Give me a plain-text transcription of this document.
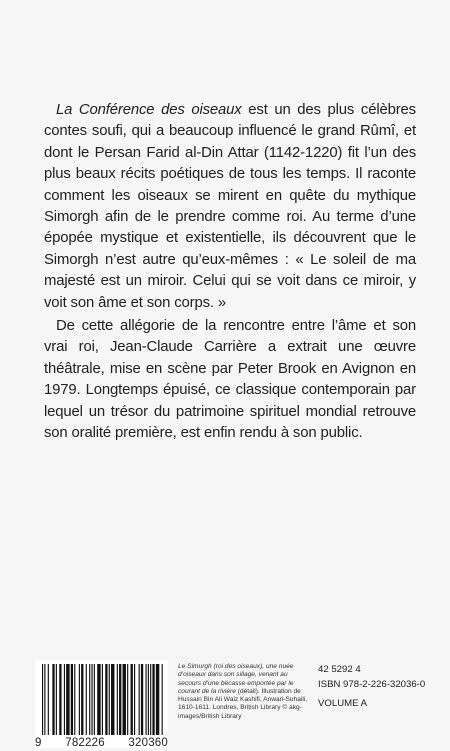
La Conférence des oiseaux est un des plus célèbres contes soufi, qui a beaucoup influencé le grand Rûmî, et dont le Persan Farid al-Din Attar (1142-1220) fit l’un des plus beaux récits poétiques de tous les temps. Il raconte comment les oiseaux se mirent en quête du mythique Simorgh afin de le prendre comme roi. Au terme d’une épopée mystique et existentielle, ils découvrent que le Simorgh n’est autre qu’eux-mêmes : « Le soleil de ma majesté est un miroir. Celui qui se voit dans ce miroir, y voit son âme et son corps. »

De cette allégorie de la rencontre entre l’âme et son vrai roi, Jean-Claude Carrière a extrait une œuvre théâtrale, mise en scène par Peter Brook en Avignon en 1979. Longtemps épuisé, ce classique contemporain par lequel un trésor du patrimoine spirituel mondial retrouve son oralité première, est enfin rendu à son public.

9 782226 320360
Le Simurgh (roi des oiseaux), une nuée d’oiseaux dans son sillage, venant au secours d’une bécasse emportée par le courant de la rivière (détail). Illustration de Hussain Bin Ali Waiz Kashifi, Anwari-Suhaili, 1610-1611. Londres, British Library © akg-images/British Library
42 5292 4
ISBN 978-2-226-32036-0
VOLUME A
